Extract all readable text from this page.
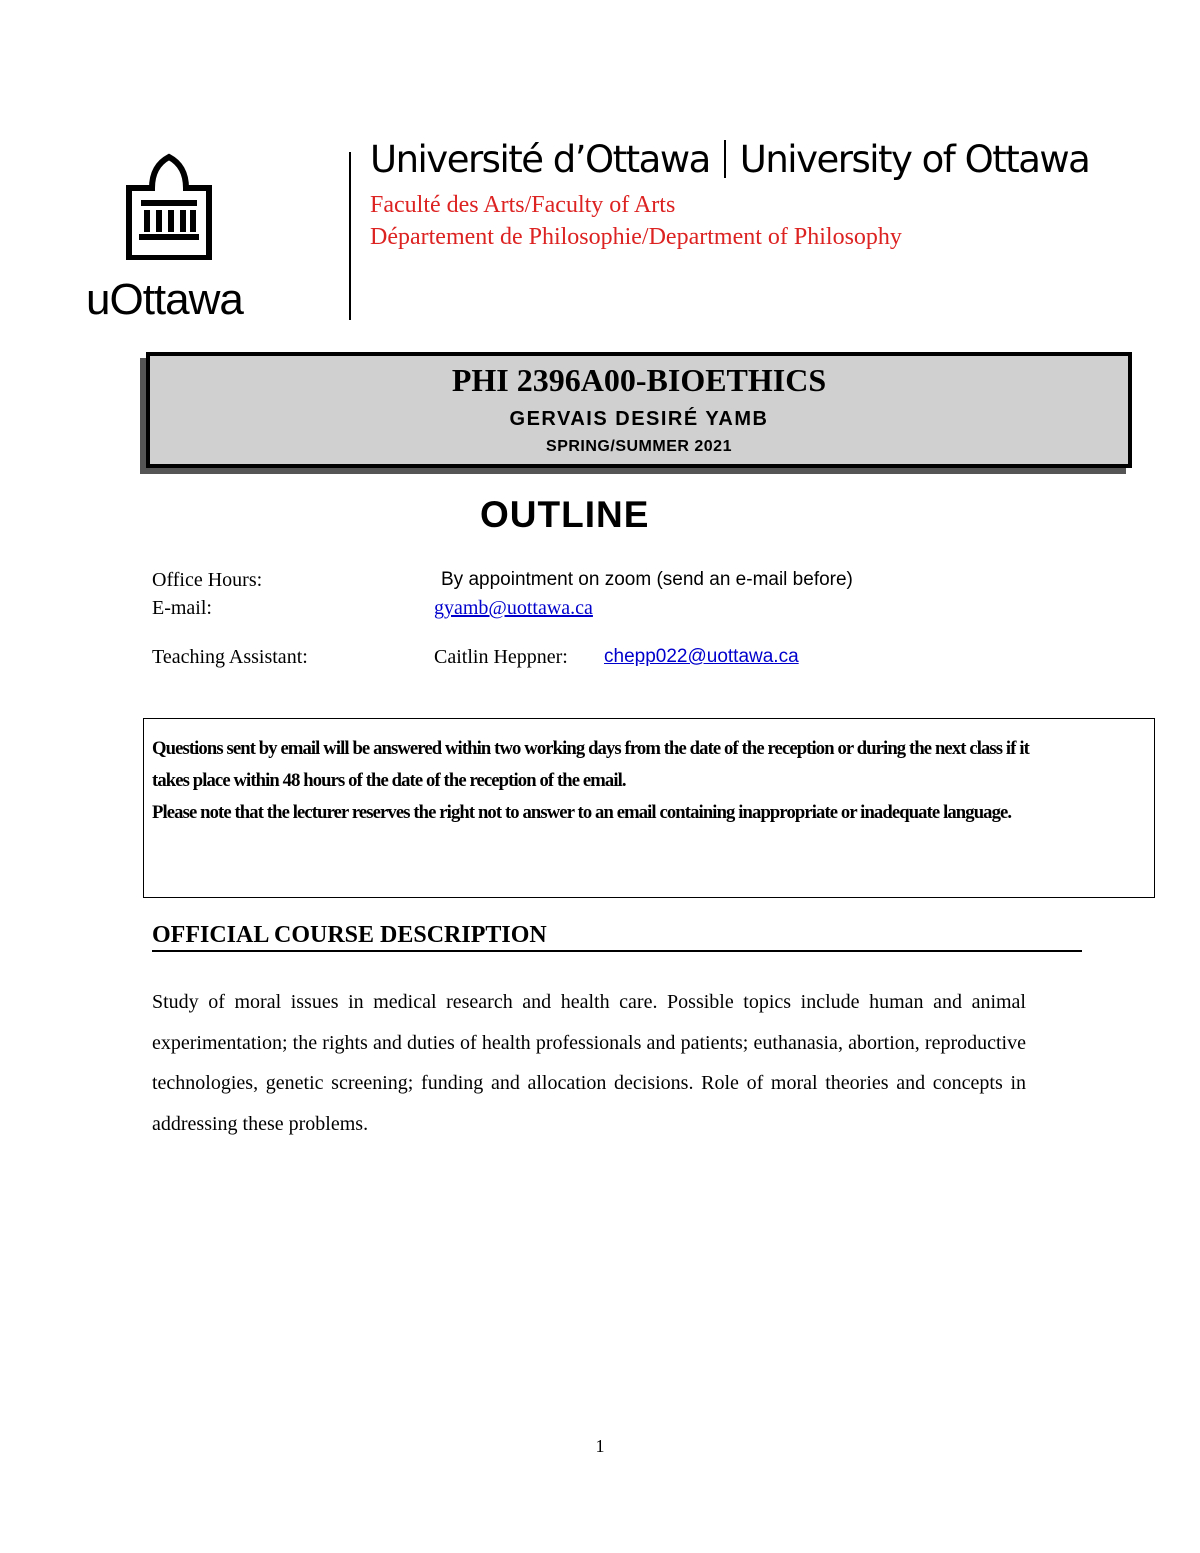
uOttawa
Université d’Ottawa University of Ottawa
Faculté des Arts/Faculty of Arts
Département de Philosophie/Department of Philosophy
PHI 2396A00-BIOETHICS
GERVAIS DESIRÉ YAMB
SPRING/SUMMER 2021
OUTLINE
Office Hours:	By appointment on zoom (send an e-mail before)
E-mail:	gyamb@uottawa.ca
Teaching Assistant:	Caitlin Heppner: chepp022@uottawa.ca
Questions sent by email will be answered within two working days from the date of the reception or during the next class if it takes place within 48 hours of the date of the reception of the email.
Please note that the lecturer reserves the right not to answer to an email containing inappropriate or inadequate language.
OFFICIAL COURSE DESCRIPTION
Study of moral issues in medical research and health care. Possible topics include human and animal experimentation; the rights and duties of health professionals and patients; euthanasia, abortion, reproductive technologies, genetic screening; funding and allocation decisions. Role of moral theories and concepts in addressing these problems.
1
